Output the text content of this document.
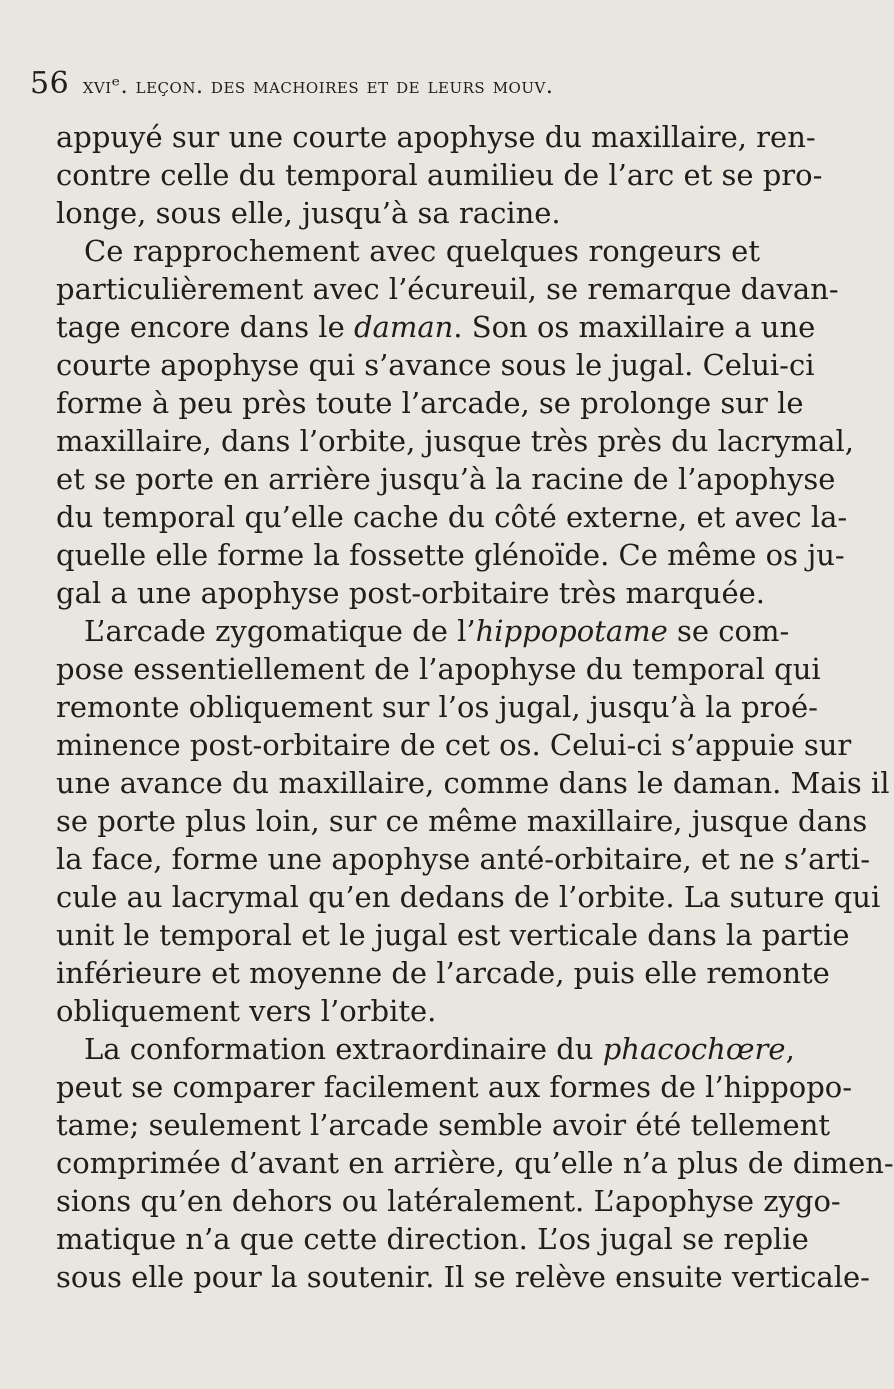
56 xviᵉ. leçon. des machoires et de leurs mouv.
appuyé sur une courte apophyse du maxillaire, ren-
contre celle du temporal aumilieu de l’arc et se pro-
longe, sous elle, jusqu’à sa racine.
Ce rapprochement avec quelques rongeurs et
particulièrement avec l’écureuil, se remarque davan-
tage encore dans le daman. Son os maxillaire a une
courte apophyse qui s’avance sous le jugal. Celui-ci
forme à peu près toute l’arcade, se prolonge sur le
maxillaire, dans l’orbite, jusque très près du lacrymal,
et se porte en arrière jusqu’à la racine de l’apophyse
du temporal qu’elle cache du côté externe, et avec la-
quelle elle forme la fossette glénoïde. Ce même os ju-
gal a une apophyse post-orbitaire très marquée.
L’arcade zygomatique de l’hippopotame se com-
pose essentiellement de l’apophyse du temporal qui
remonte obliquement sur l’os jugal, jusqu’à la proé-
minence post-orbitaire de cet os. Celui-ci s’appuie sur
une avance du maxillaire, comme dans le daman. Mais il
se porte plus loin, sur ce même maxillaire, jusque dans
la face, forme une apophyse anté-orbitaire, et ne s’arti-
cule au lacrymal qu’en dedans de l’orbite. La suture qui
unit le temporal et le jugal est verticale dans la partie
inférieure et moyenne de l’arcade, puis elle remonte
obliquement vers l’orbite.
La conformation extraordinaire du phacochœre,
peut se comparer facilement aux formes de l’hippopo-
tame; seulement l’arcade semble avoir été tellement
comprimée d’avant en arrière, qu’elle n’a plus de dimen-
sions qu’en dehors ou latéralement. L’apophyse zygo-
matique n’a que cette direction. L’os jugal se replie
sous elle pour la soutenir. Il se relève ensuite verticale-
